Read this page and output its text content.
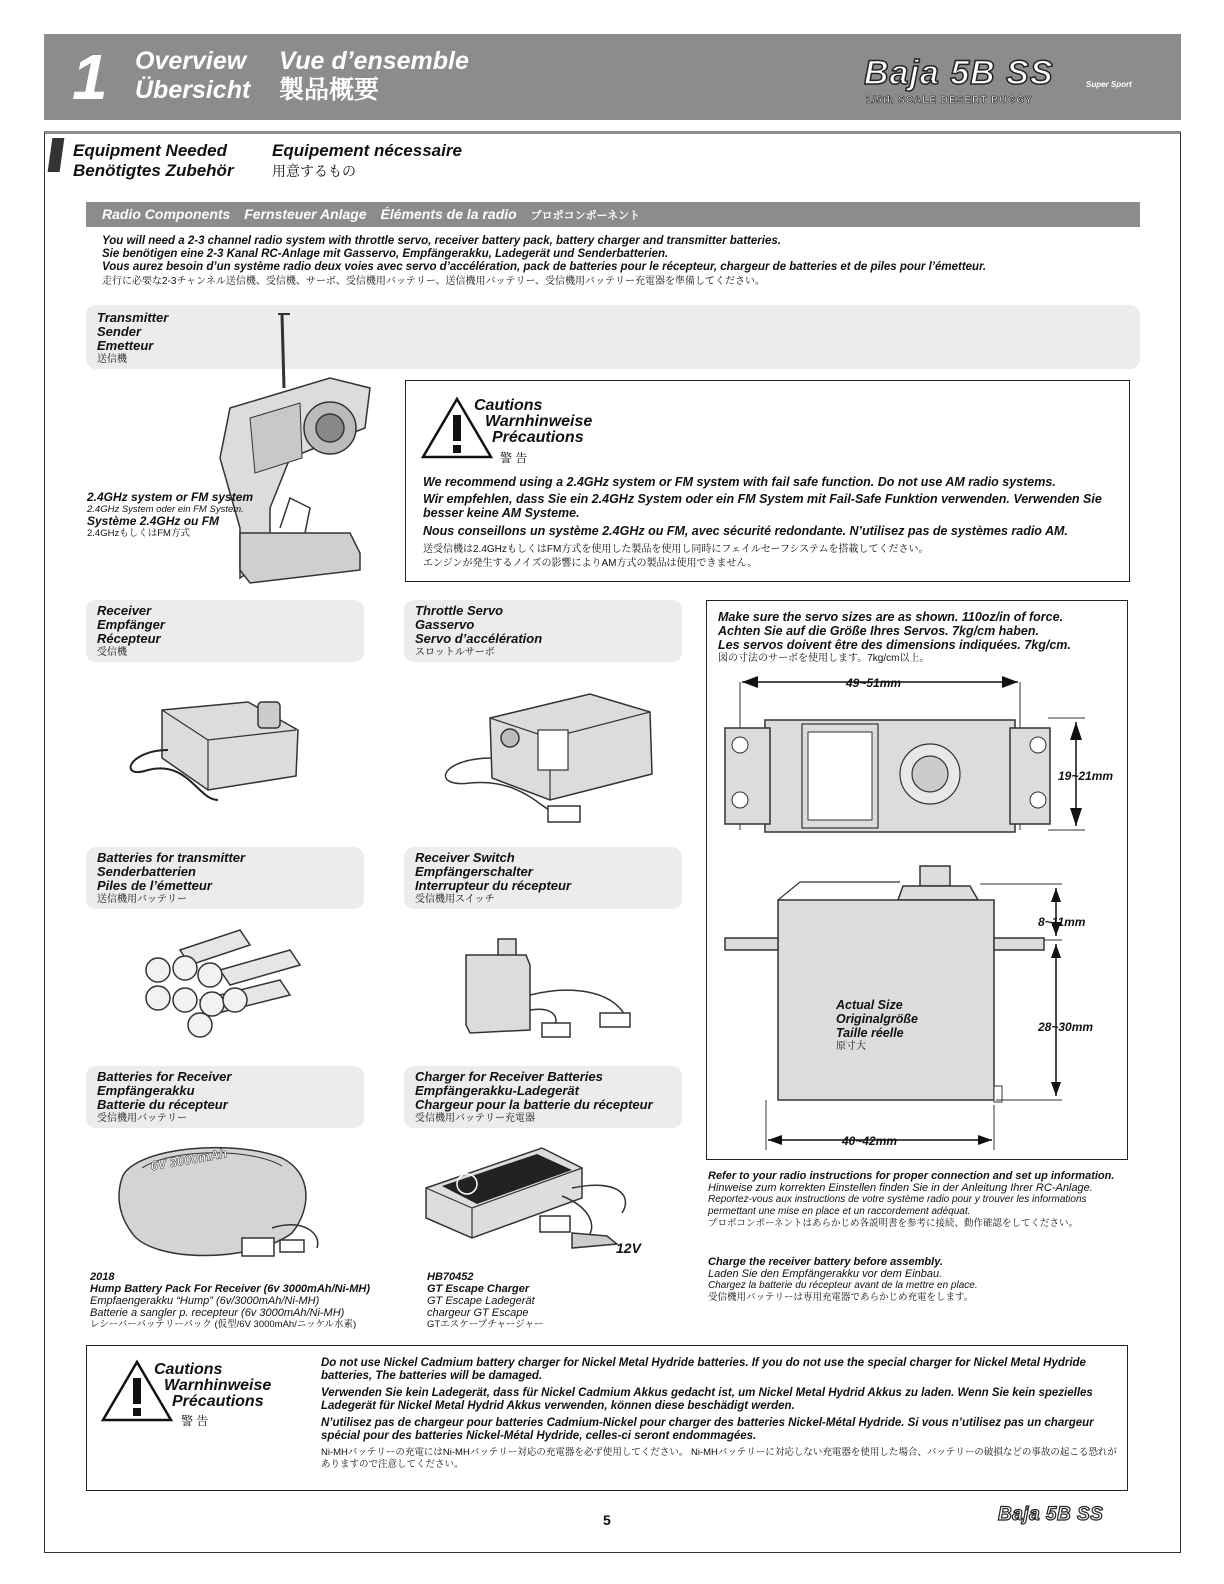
1 Overview Vue d’ensemble
Übersicht 製品概要	Baja 5B SS	Super Sport
1/5th SCALE DESERT BUGGY
Equipment Needed	Equipement nécessaire
Benötigtes Zubehör	用意するもの
Radio Components Fernsteuer Anlage Éléments de la radio プロポコンポーネント
You will need a 2-3 channel radio system with throttle servo, receiver battery pack, battery charger and transmitter batteries.
Sie benötigen eine 2-3 Kanal RC-Anlage mit Gasservo, Empfängerakku, Ladegerät und Senderbatterien.
Vous aurez besoin d’un système radio deux voies avec servo d’accélération, pack de batteries pour le récepteur, chargeur de batteries et de piles pour l’émetteur.
走行に必要な2-3チャンネル送信機、受信機、サーボ、受信機用バッテリー、送信機用バッテリー、受信機用バッテリー充電器を準備してください。
Transmitter
Sender
Emetteur
送信機
2.4GHz system or FM system
2.4GHz System oder ein FM System.
Système 2.4GHz ou FM
2.4GHzもしくはFM方式
Cautions
Warnhinweise
Précautions
警 告
We recommend using a 2.4GHz system or FM system with fail safe function. Do not use AM radio systems.
Wir empfehlen, dass Sie ein 2.4GHz System oder ein FM System mit Fail-Safe Funktion verwenden. Verwenden Sie besser keine AM Systeme.
Nous conseillons un système 2.4GHz ou FM, avec sécurité redondante. N’utilisez pas de systèmes radio AM.
送受信機は2.4GHzもしくはFM方式を使用した製品を使用し同時にフェイルセーフシステムを搭載してください。
エンジンが発生するノイズの影響によりAM方式の製品は使用できません。
Receiver
Empfänger
Récepteur
受信機
Throttle Servo
Gasservo
Servo d’accélération
スロットルサーボ
Make sure the servo sizes are as shown. 110oz/in of force.
Achten Sie auf die Größe Ihres Servos. 7kg/cm haben.
Les servos doivent être des dimensions indiquées. 7kg/cm.
図の寸法のサーボを使用します。7kg/cm以上。
49~51mm
19~21mm
8~11mm
28~30mm
40~42mm
Actual Size
Originalgröße
Taille réelle
原寸大
Batteries for transmitter
Senderbatterien
Piles de l’émetteur
送信機用バッテリー
Receiver Switch
Empfängerschalter
Interrupteur du récepteur
受信機用スイッチ
Batteries for Receiver
Empfängerakku
Batterie du récepteur
受信機用バッテリー
6V 3000mAh
2018
Hump Battery Pack For Receiver (6v 3000mAh/Ni-MH)
Empfaengerakku “Hump” (6v/3000mAh/Ni-MH)
Batterie a sangler p. recepteur (6v 3000mAh/Ni-MH)
レシーバーバッテリーパック (仮型/6V 3000mAh/ニッケル水素)
Charger for Receiver Batteries
Empfängerakku-Ladegerät
Chargeur pour la batterie du récepteur
受信機用バッテリー充電器
12V
HB70452
GT Escape Charger
GT Escape Ladegerät
chargeur GT Escape
GTエスケープチャージャー
Refer to your radio instructions for proper connection and set up information.
Hinweise zum korrekten Einstellen finden Sie in der Anleitung Ihrer RC-Anlage.
Reportez-vous aux instructions de votre système radio pour y trouver les informations permettant une mise en place et un raccordement adéquat.
プロポコンポーネントはあらかじめ各説明書を参考に接続、動作確認をしてください。
Charge the receiver battery before assembly.
Laden Sie den Empfängerakku vor dem Einbau.
Chargez la batterie du récepteur avant de la mettre en place.
受信機用バッテリーは専用充電器であらかじめ充電をします。
Cautions
Warnhinweise
Précautions
警 告
Do not use Nickel Cadmium battery charger for Nickel Metal Hydride batteries. If you do not use the special charger for Nickel Metal Hydride batteries, The batteries will be damaged.
Verwenden Sie kein Ladegerät, dass für Nickel Cadmium Akkus gedacht ist, um Nickel Metal Hydrid Akkus zu laden. Wenn Sie kein spezielles Ladegerät für Nickel Metal Hydrid Akkus verwenden, können diese beschädigt werden.
N’utilisez pas de chargeur pour batteries Cadmium-Nickel pour charger des batteries Nickel-Métal Hydride. Si vous n’utilisez pas un chargeur spécial pour des batteries Nickel-Métal Hydride, celles-ci seront endommagées.
Ni-MHバッテリーの充電にはNi-MHバッテリー対応の充電器を必ず使用してください。 Ni-MHバッテリーに対応しない充電器を使用した場合、バッテリーの破損などの事故の起こる恐れがありますので注意してください。
5	Baja 5B SS
